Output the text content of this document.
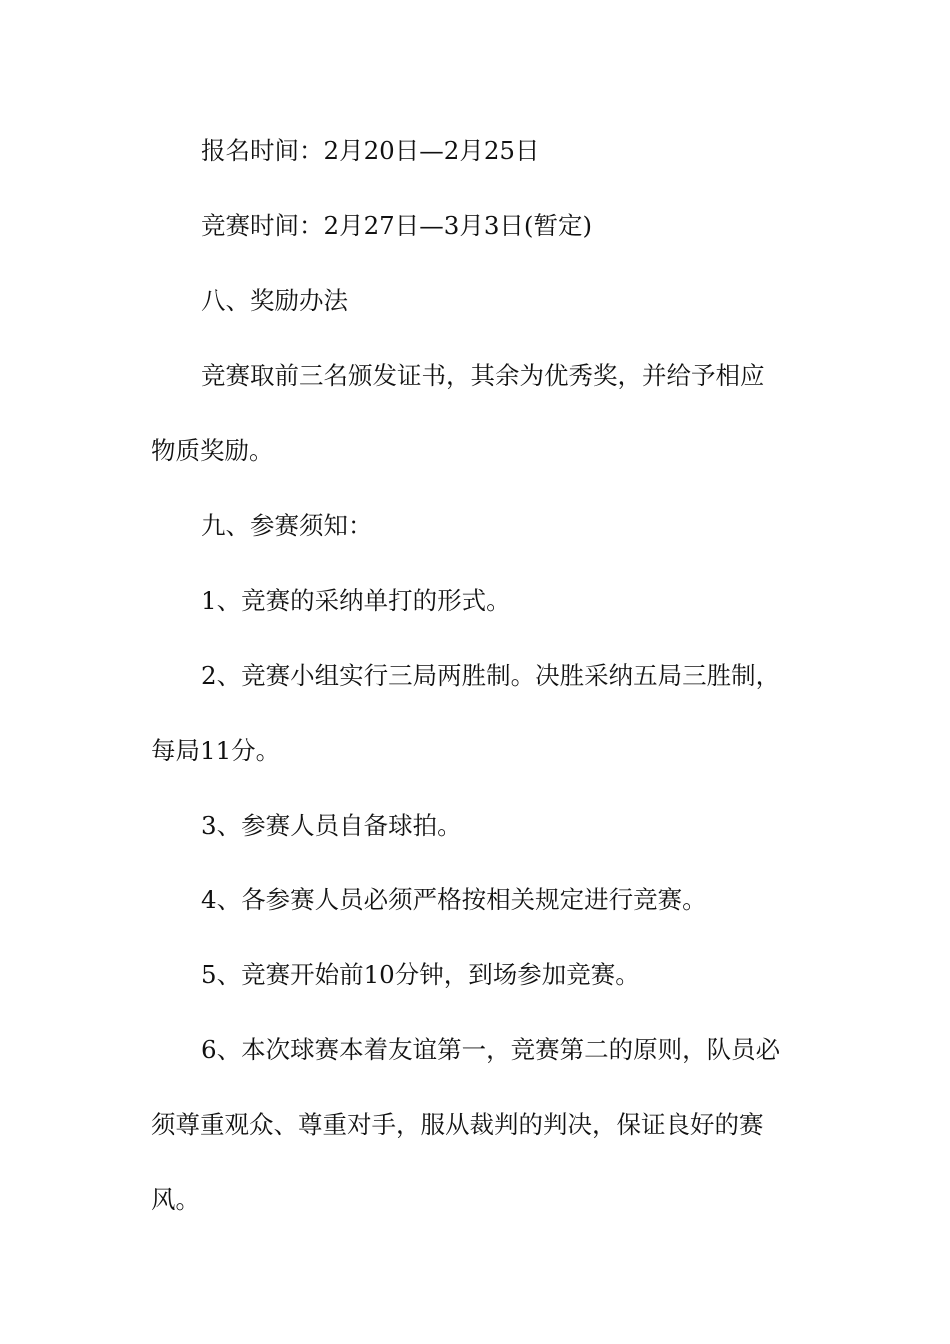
报名时间：2月20日—2月25日
竞赛时间：2月27日—3月3日(暂定)
八、奖励办法
竞赛取前三名颁发证书，其余为优秀奖，并给予相应
物质奖励。
九、参赛须知：
1、竞赛的采纳单打的形式。
2、竞赛小组实行三局两胜制。决胜采纳五局三胜制，
每局11分。
3、参赛人员自备球拍。
4、各参赛人员必须严格按相关规定进行竞赛。
5、竞赛开始前10分钟，到场参加竞赛。
6、本次球赛本着友谊第一，竞赛第二的原则，队员必
须尊重观众、尊重对手，服从裁判的判决，保证良好的赛
风。
